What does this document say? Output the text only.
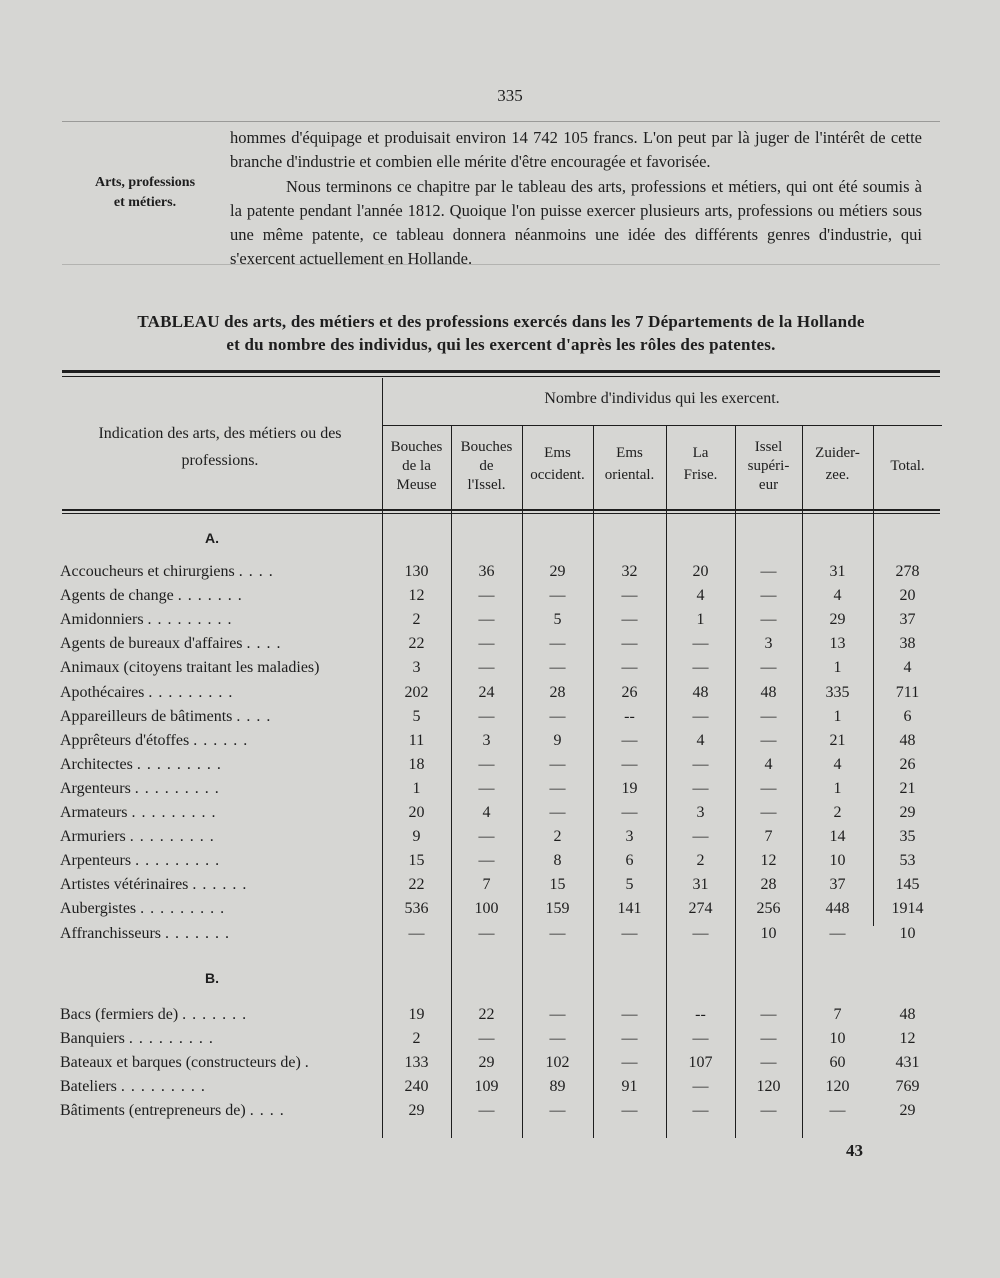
335
Arts, professions
et métiers.

hommes d'équipage et produisait environ 14 742 105 francs. L'on peut par là juger de l'intérêt de cette branche d'industrie et combien elle mérite d'être encouragée et favorisée.

Nous terminons ce chapitre par le tableau des arts, professions et métiers, qui ont été soumis à la patente pendant l'année 1812. Quoique l'on puisse exercer plusieurs arts, professions ou métiers sous une même patente, ce tableau donnera néanmoins une idée des différents genres d'industrie, qui s'exercent actuellement en Hollande.

TABLEAU des arts, des métiers et des professions exercés dans les 7 Départements de la Hollande
et du nombre des individus, qui les exercent d'après les rôles des patentes.
Indication des arts, des métiers ou des professions.
Nombre d'individus qui les exercent.
Bouches
de la
Meuse
Bouches
de
l'Issel.
Ems
occident.
Ems
oriental.
La
Frise.
Issel
supéri-
eur
Zuider-
zee.
Total.
A.
Accoucheurs et chirurgiens ....	130	36	29	32	20	—	31	278
Agents de change .......	12	—	—	—	4	—	4	20
Amidonniers .........	2	—	5	—	1	—	29	37
Agents de bureaux d'affaires ....	22	—	—	—	—	3	13	38
Animaux (citoyens traitant les maladies)	3	—	—	—	—	—	1	4
Apothécaires .........	202	24	28	26	48	48	335	711
Appareilleurs de bâtiments ....	5	—	—	--	—	—	1	6
Apprêteurs d'étoffes ......	11	3	9	—	4	—	21	48
Architectes .........	18	—	—	—	—	4	4	26
Argenteurs .........	1	—	—	19	—	—	1	21
Armateurs .........	20	4	—	—	3	—	2	29
Armuriers .........	9	—	2	3	—	7	14	35
Arpenteurs .........	15	—	8	6	2	12	10	53
Artistes vétérinaires ......	22	7	15	5	31	28	37	145
Aubergistes .........	536	100	159	141	274	256	448	1914
Affranchisseurs .......	—	—	—	—	—	10	—	10
B.
Bacs (fermiers de) .......	19	22	—	—	--	—	7	48
Banquiers .........	2	—	—	—	—	—	10	12
Bateaux et barques (constructeurs de) .	133	29	102	—	107	—	60	431
Bateliers .........	240	109	89	91	—	120	120	769
Bâtiments (entrepreneurs de) ....	29	—	—	—	—	—	—	29
43
